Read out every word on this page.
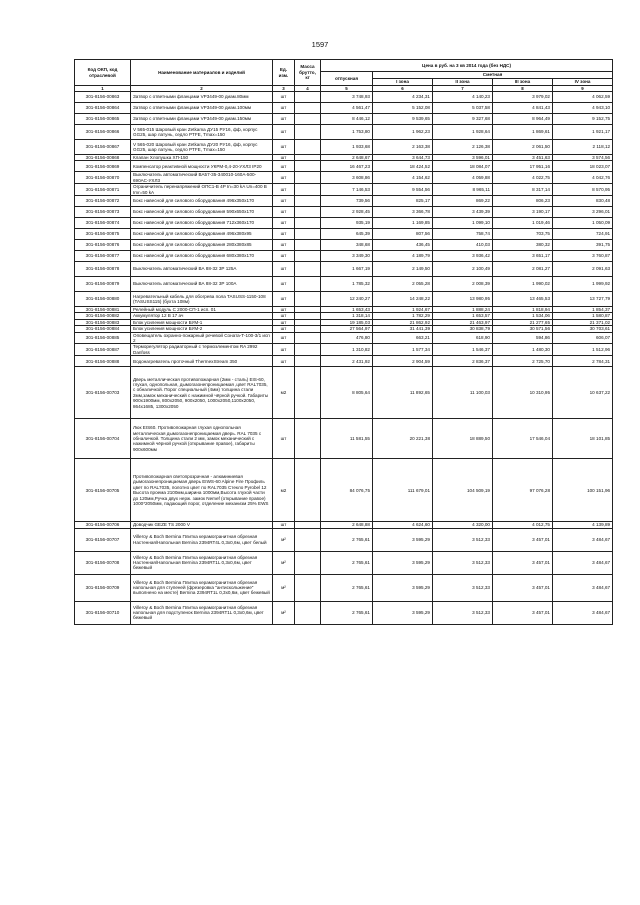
1597
Код ОКП, код отраслевой	Наименование материалов и изделий	Ед. изм.	Масса брутто, кг	Цена в руб. на 3 кв 2014 года (без НДС)				
				отпускная	Сметная			
					I зона	II зона	III зона	IV зона
1	2	3	4	5	6	7	8	9
301-8156-00863	Затвор с ответными фланцами VP3449-00 диам.80мм	шт		3 748,93	4 234,31	4 140,23	3 979,02	4 062,59
301-8156-00864	Затвор с ответными фланцами VP3449-00 диам.100мм	шт		4 561,47	5 152,08	5 037,58	4 841,43	4 943,10
301-8156-00865	Затвор с ответными фланцами VP3449-00 диам.150мм	шт		8 446,12	9 539,65	9 327,68	8 964,49	9 152,75
301-8156-00866	V 565-015 Шаровый кран Zetkama ДУ15 PУ16, фф, корпус GG25, шар латунь, седло PTFE, Tmax=150	шт		1 753,80	1 962,23	1 928,64	1 869,61	1 921,17
301-8156-00867	V 565-020 Шаровый кран Zetkama ДУ20 PУ16, фф, корпус GG25, шар латунь, седло PTFE, Tmax=150	шт		1 933,68	2 163,38	2 126,38	2 061,50	2 118,12
301-8156-00868	Клапан Хлопушка ХП-150	шт		2 648,67	3 644,73	3 596,01	3 451,63	3 574,56
301-8156-00869	Компенсатор реактивной мощности УКРМ-0,4-20-УХЛ3 IP20	шт		16 467,23	18 424,52	18 084,07	17 951,16	18 023,07
301-8156-00870	Выключатель автоматический ВА57-35-340010-160А-500-690АС-УХЛ3	шт		3 608,86	4 154,62	4 059,88	4 022,75	4 042,76
301-8156-00871	Ограничитель перенапряжений ОПС1-В 4Р In=30 kA Un=400 В Imr=50 kA	шт		7 146,53	9 554,56	8 965,11	8 317,14	8 570,95
301-8156-00872	Бокс навесной для силового оборудования 496х350х170	шт		739,56	825,17	869,22	806,23	830,48
301-8156-00873	Бокс навесной для силового оборудования 590х650х170	шт		2 928,45	3 366,78	3 439,39	3 190,17	3 296,01
301-8156-00874	Бокс навесной для силового оборудования 712х360х170	шт		935,19	1 169,85	1 099,10	1 019,46	1 050,09
301-8156-00875	Бокс навесной для силового оборудования 496х380х95	шт		645,39	807,56	758,74	703,75	724,91
301-8156-00876	Бокс навесной для силового оборудования 280х380х85	шт		348,68	436,45	410,03	380,32	391,75
301-8156-00877	Бокс навесной для силового оборудования 680х380х170	шт		3 349,30	4 189,79	3 936,42	3 651,17	3 760,87
301-8156-00878	Выключатель автоматический ВА 88-32 3Р 125А	шт		1 667,19	2 149,50	2 100,49	2 081,27	2 091,63
301-8156-00879	Выключатель автоматический ВА 88-32 3Р 100А	шт		1 785,32	2 055,28	2 008,39	1 990,02	1 999,92
301-8156-00880	Нагревательный кабель для обогрева пола TASUSS-1150-108 (TASUSS115) (бухта 108м)	шт		12 240,27	14 248,22	13 980,95	13 465,53	13 727,79
301-8156-00881	Релейный модуль С 2000-СП-1 исп. 01	шт		1 653,43	1 924,67	1 888,24	1 818,94	1 854,37
301-8156-00882	Аккумулятор 12 В 17 ач	шт		1 318,14	1 782,29	1 653,57	1 534,06	1 580,87
301-8156-00883	Блок усиления мощности БУМ-1	шт		19 185,03	21 862,92	21 463,97	21 277,65	21 371,02
301-8156-00884	Блок усиления мощности БУМ-2	шт		27 564,97	31 441,39	30 838,79	30 571,56	30 703,61
301-8156-00885	Оповещатель охранно-пожарный речевой Соната-Т-100-3/1 исп 2	шт		476,80	663,21	618,90	594,86	606,07
301-8156-00887	Терморегулятор радиаторный с термоэлементом RA 2992 Danfoss	шт		1 310,82	1 577,34	1 546,37	1 480,30	1 512,96
301-8156-00888	Водонагреватель проточный ThermexStream 350	шт		2 431,92	2 904,59	2 836,37	2 725,70	2 784,31
301-8156-00703	Дверь металлическая противопожарная (2мм - сталь) EIS-60, глухая, однопольная, дымогазонепроницаемая ,цвет RAL7035, с обналичкой. Порог специальный (4мм) толщина стали 2мм,замок механический с нажимной чёрной ручкой. Габариты 900х1900мм, 800х2050, 900х2050, 1000х2050,1100х2050, 864х1685, 1300х2050	м2		8 805,64	11 892,65	11 100,03	10 310,95	10 637,22
301-8156-00704	Люк EIS60. Противопожарная глухая однопольная металлическая дымогазонепроницаемая дверь. RAL 7035 с обналичкой. Толщина стали 2 мм, замок механический с нажимной чёрной ручкой (открывание правое), габариты 900х600мм	шт		11 581,55	20 221,38	18 889,50	17 546,04	18 101,85
301-8156-00705	Противопожарная светопрозрачная - алюминиевая дымогазонепроницаемая дверь EIWS-60 Alpine Fire Профиль цвет по RAL7035, полотно цвет по RAL7035 Стекло Pyrobel 12 Высота проема 2100мм,ширина 1000мм,Высота глухой части до 120мм,Ручка двух нерж. замок Nemef (открывание правое) 1000*2050мм, падающий порог, отделение механизм 25% EWS	м2		84 076,75	111 679,01	104 509,19	97 076,28	100 151,96
301-8156-00706	Доводчик GEZE TS 2000 V	шт		2 648,88	4 624,60	4 320,00	4 012,75	4 139,89
301-8156-00707	Villeroy & Boch Bernina Плитка керамогранитная обрезная Настенная/Напольная Bernina 2394RT4L 0,3х0,6м, цвет белый	м²		2 765,61	3 595,29	3 512,33	3 457,01	3 484,67
301-8156-00708	Villeroy & Boch Bernina Плитка керамогранитная обрезная Настенная/Напольная Bernina 2394RT1L 0,3х0,6м, цвет бежевый	м²		2 765,61	3 595,29	3 512,33	3 457,01	3 484,67
301-8156-00709	Villeroy & Boch Bernina Плитка керамогранитная обрезная напольная для ступеней (фрезеровка "антискольжение" выполнено на месте) Bernina 2394RT1L 0,3х0,6м, цвет бежевый	м²		2 765,61	3 595,29	3 512,33	3 457,01	3 484,67
301-8156-00710	Villeroy & Boch Bernina Плитка керамогранитная обрезная напольная для подступенок Bernina 2394RT1L 0,3х0,6м, цвет бежевый	м²		2 765,61	3 595,29	3 512,33	3 457,01	3 484,67
